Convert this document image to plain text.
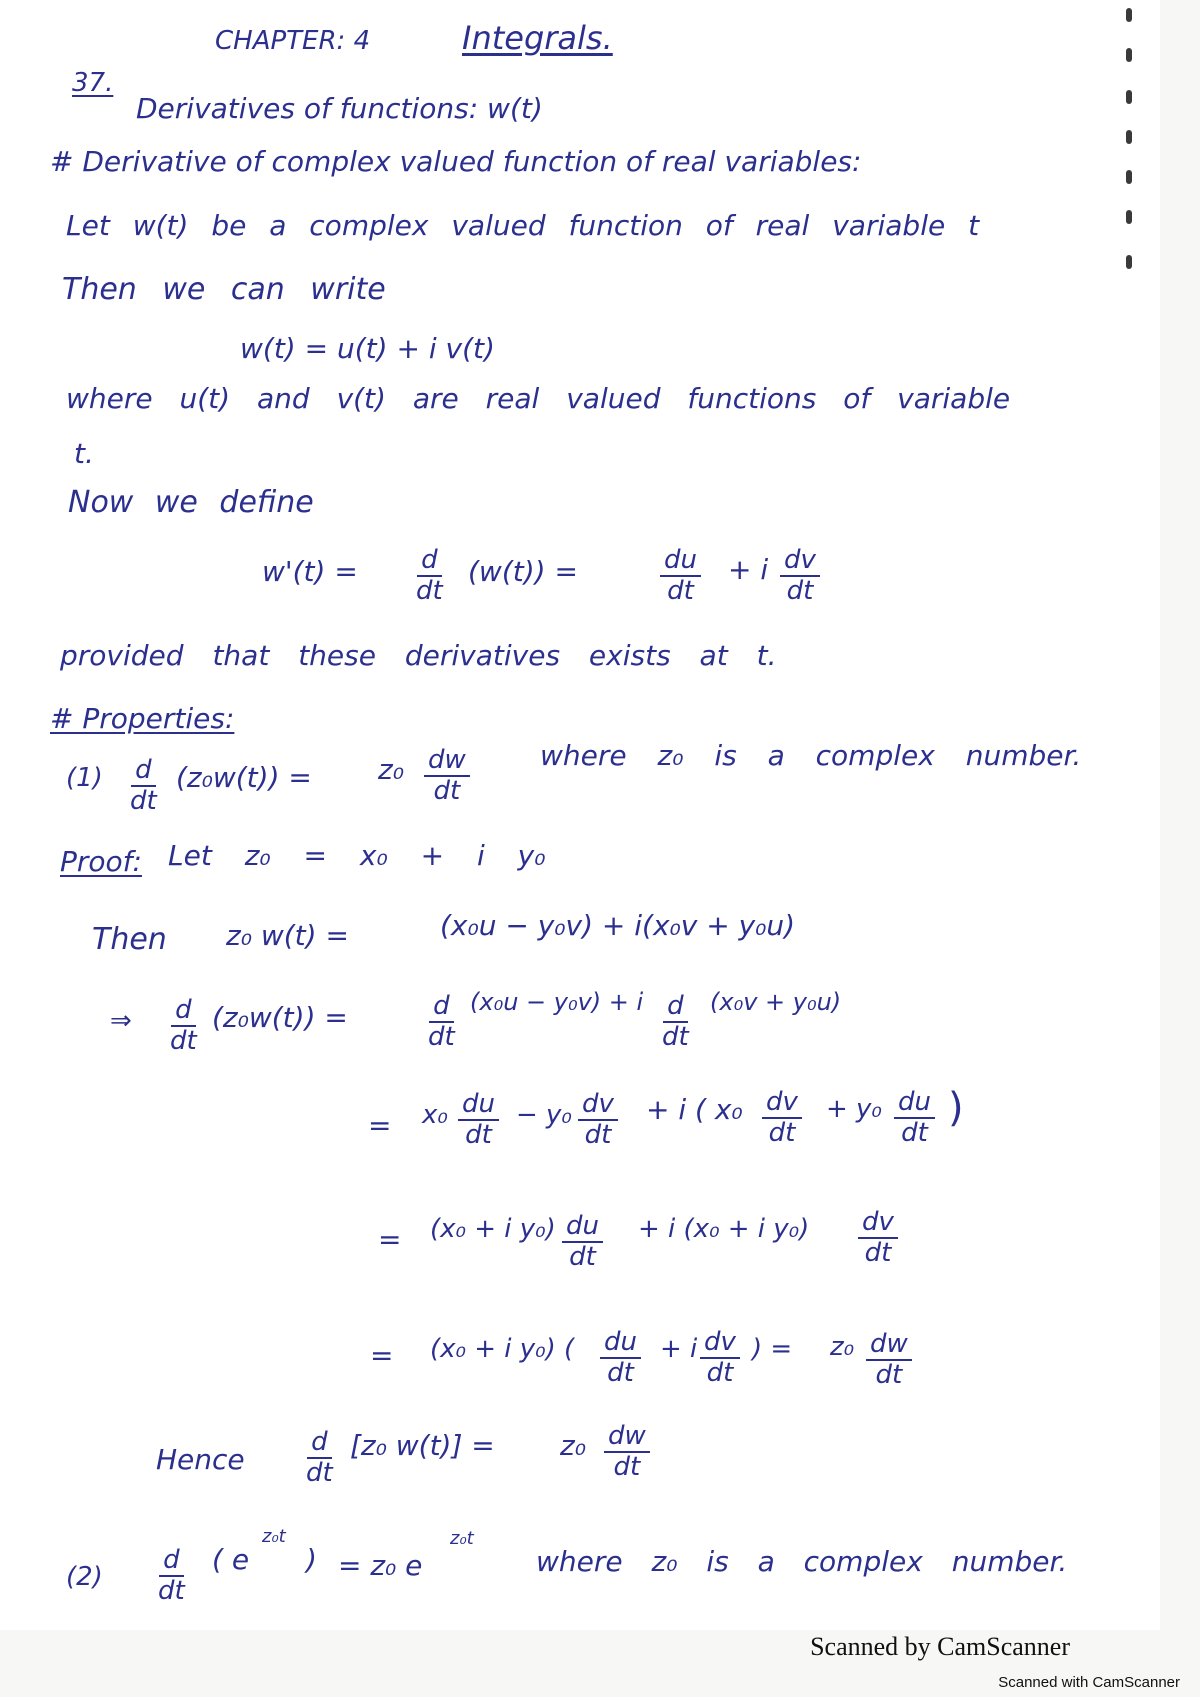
CHAPTER: 4	Integrals.
37.
Derivatives of functions: w(t)
# Derivative of complex valued function of real variables:
Let w(t) be a complex valued function of real variable t
Then we can write
w(t) = u(t) + i v(t)
where u(t) and v(t) are real valued functions of variable
t.
Now we define
$w'(t) = \frac{d}{dt} (w(t))$ =	$\frac{du}{dt} + i \frac{dv}{dt}$
provided that these derivatives exists at t.
# Properties:
$(1) \frac{d}{dt} (z_0w(t)) = z_0 \frac{dw}{dt}$	where z₀ is a complex number.
Proof: Let z₀ = x₀ + i y₀
Then z₀ w(t) =	(x₀u − y₀v) + i(x₀v + y₀u)
⇒ $\frac{d}{dt} (z_0w(t))$ =	$\frac{d}{dt} (x_0u - y_0v) + i \frac{d}{dt} (x_0v + y_0u)$
= $x_0 \frac{du}{dt} - y_0 \frac{dv}{dt} + i$ ( $x_0 \frac{dv}{dt} + y_0 \frac{du}{dt}$ )
= (x₀ + i $y_0) \frac{du}{dt} + i$ (x₀ + i $y_0) \frac{dv}{dt}$
= (x₀ + i y₀) ( $\frac{du}{dt} + i \frac{dv}{dt}$ ) = $z_0 \frac{dw}{dt}$
Hence $\frac{d}{dt} [z_0$ $w(t)] = z_0 \frac{dw}{dt}$
$(2) \frac{d}{dt}$ ( e
z₀t
) = z₀ e
z₀t
where z₀ is a complex number.
Scanned by CamScanner
Scanned with CamScanner
